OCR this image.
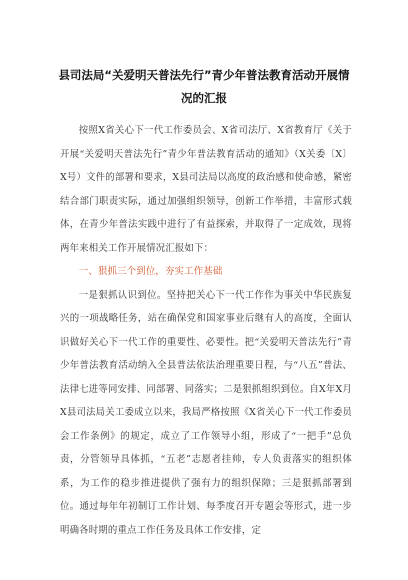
县司法局“关爱明天普法先行”青少年普法教育活动开展情
况的汇报

按照X省关心下一代工作委员会、X省司法厅、X省教育厅《关于开展“关爱明天普法先行”青少年普法教育活动的通知》（X关委〔X〕X号）文件的部署和要求，X县司法局以高度的政治感和使命感，紧密结合部门职责实际，通过加强组织领导，创新工作举措，丰富形式载体，在青少年普法实践中进行了有益探索，并取得了一定成效，现将两年来相关工作开展情况汇报如下：

一、狠抓三个到位，夯实工作基础

一是狠抓认识到位。坚持把关心下一代工作作为事关中华民族复兴的一项战略任务，站在确保党和国家事业后继有人的高度，全面认识做好关心下一代工作的重要性、必要性。把“关爱明天普法先行”青少年普法教育活动纳入全县普法依法治理重要日程，与“八五”普法、法律七进等同安排、同部署、同落实；二是狠抓组织到位。自X年X月X县司法局关工委成立以来，我局严格按照《X省关心下一代工作委员会工作条例》的规定，成立了工作领导小组，形成了“一把手”总负责，分管领导具体抓，“五老”志愿者挂帅，专人负责落实的组织体系，为工作的稳步推进提供了强有力的组织保障；三是狠抓部署到位。通过每年年初制订工作计划、每季度召开专题会等形式，进一步明确各时期的重点工作任务及具体工作安排，定
